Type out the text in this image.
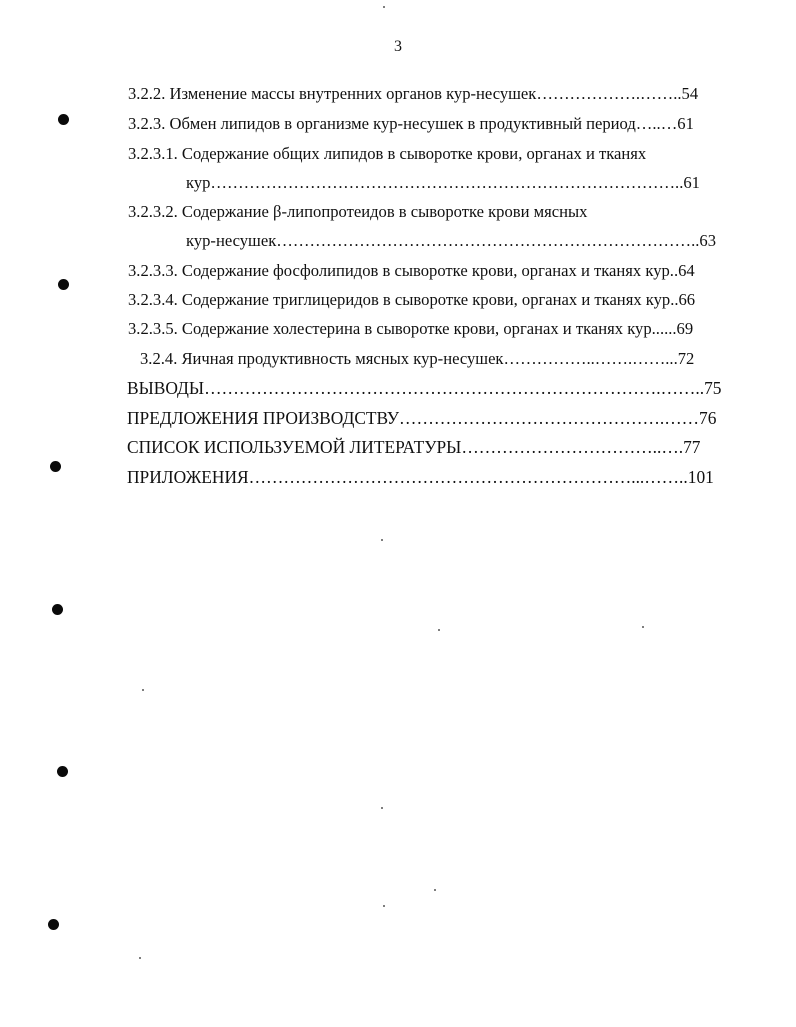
3
3.2.2. Изменение массы внутренних органов кур-несушек……………….……..54
3.2.3. Обмен липидов в организме кур-несушек в продуктивный период…..…61
3.2.3.1. Содержание общих липидов в сыворотке крови, органах и тканях
кур…………………………………………………………………………..61
3.2.3.2. Содержание β-липопротеидов в сыворотке крови мясных
кур-несушек…………………………………………………………………..63
3.2.3.3. Содержание фосфолипидов в сыворотке крови, органах и тканях кур..64
3.2.3.4. Содержание триглицеридов в сыворотке крови, органах и тканях кур..66
3.2.3.5. Содержание холестерина в сыворотке крови, органах и тканях кур......69
3.2.4. Яичная продуктивность мясных кур-несушек……………..…….……...72
ВЫВОДЫ…………………………………………………………………….……..75
ПРЕДЛОЖЕНИЯ ПРОИЗВОДСТВУ……………………………………….……76
СПИСОК ИСПОЛЬЗУЕМОЙ ЛИТЕРАТУРЫ……………………………..….77
ПРИЛОЖЕНИЯ…………………………………………………………...……..101
